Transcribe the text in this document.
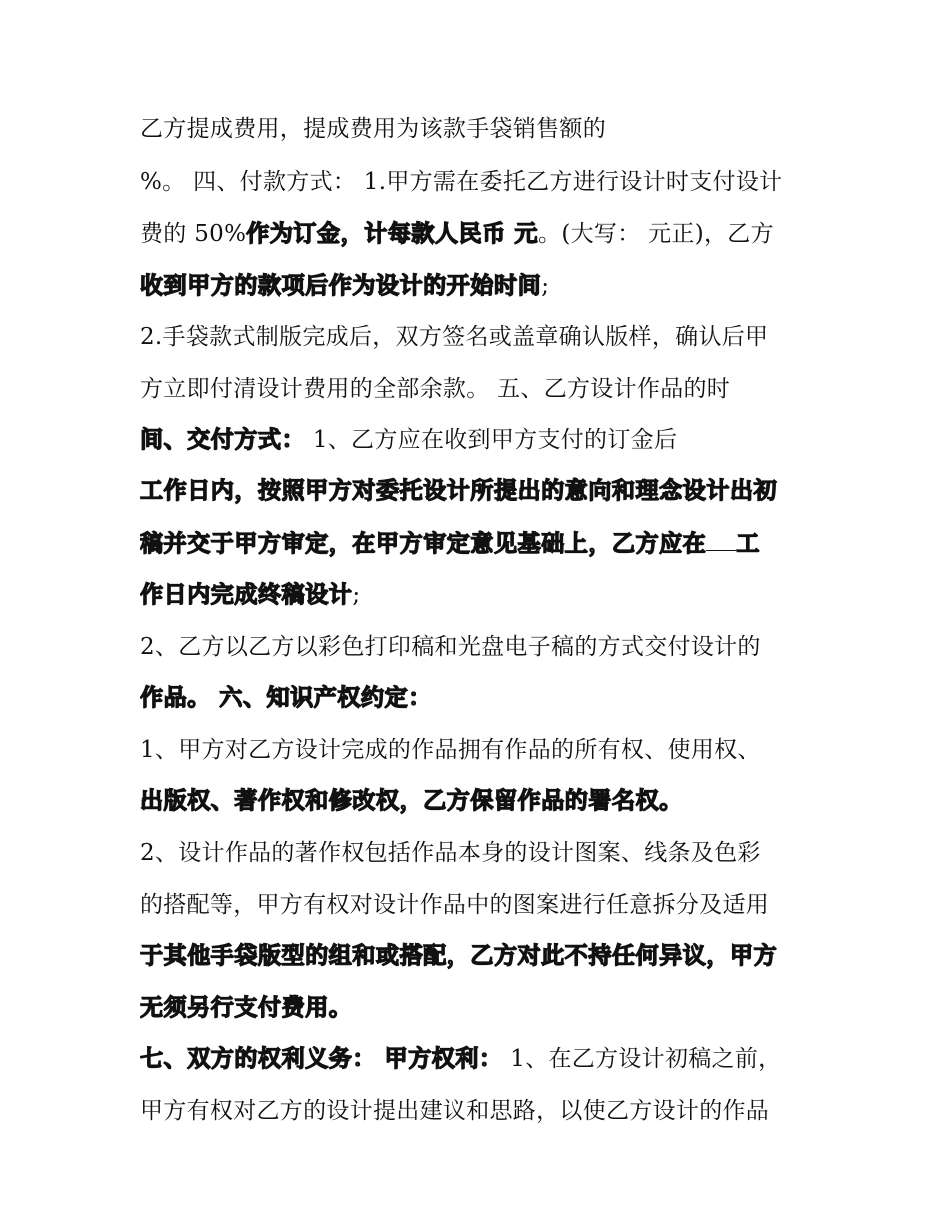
乙方提成费用，提成费用为该款手袋销售额的
%。 四、付款方式： 1.甲方需在委托乙方进行设计时支付设计
费的 50%作为订金，计每款人民币 元。(大写： 元正)，乙方
收到甲方的款项后作为设计的开始时间;
2.手袋款式制版完成后，双方签名或盖章确认版样，确认后甲
方立即付清设计费用的全部余款。 五、乙方设计作品的时
间、交付方式： 1、乙方应在收到甲方支付的订金后
工作日内，按照甲方对委托设计所提出的意向和理念设计出初
稿并交于甲方审定，在甲方审定意见基础上，乙方应在 工
作日内完成终稿设计;
2、乙方以乙方以彩色打印稿和光盘电子稿的方式交付设计的
作品。 六、知识产权约定：
1、甲方对乙方设计完成的作品拥有作品的所有权、使用权、
出版权、著作权和修改权，乙方保留作品的署名权。
2、设计作品的著作权包括作品本身的设计图案、线条及色彩
的搭配等，甲方有权对设计作品中的图案进行任意拆分及适用
于其他手袋版型的组和或搭配，乙方对此不持任何异议，甲方
无须另行支付费用。
七、双方的权利义务： 甲方权利： 1、在乙方设计初稿之前，
甲方有权对乙方的设计提出建议和思路，以使乙方设计的作品
